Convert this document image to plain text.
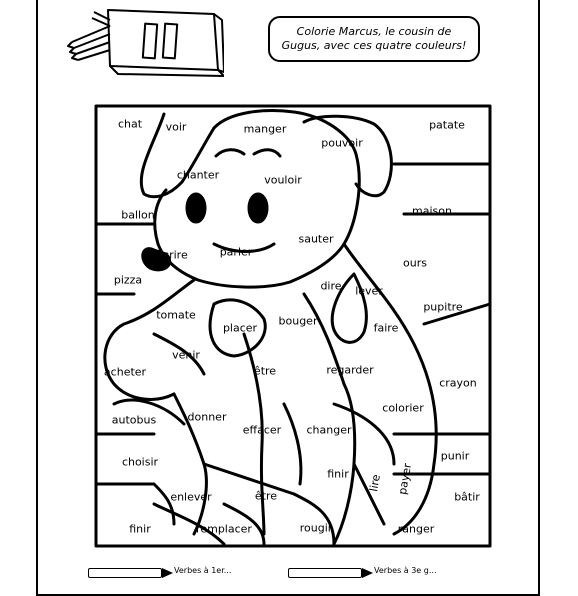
Colorie Marcus, le cousin de
Gugus, avec ces quatre couleurs!
chat voir	manger
pouvoir
patate
chanter	vouloir
ballon	maison
écrire	parler
sauter
pizza
ours
dire lever
tomate	bouger
pupitre
placer	faire
venir
acheter	être	regarder
crayon
autobus	donner
colorier
effacer changer
choisir	punir
finir lire payer
enlever	être	bâtir
finir	remplacer	rougir	ranger
Verbes à 1er...	Verbes à 3e g...
